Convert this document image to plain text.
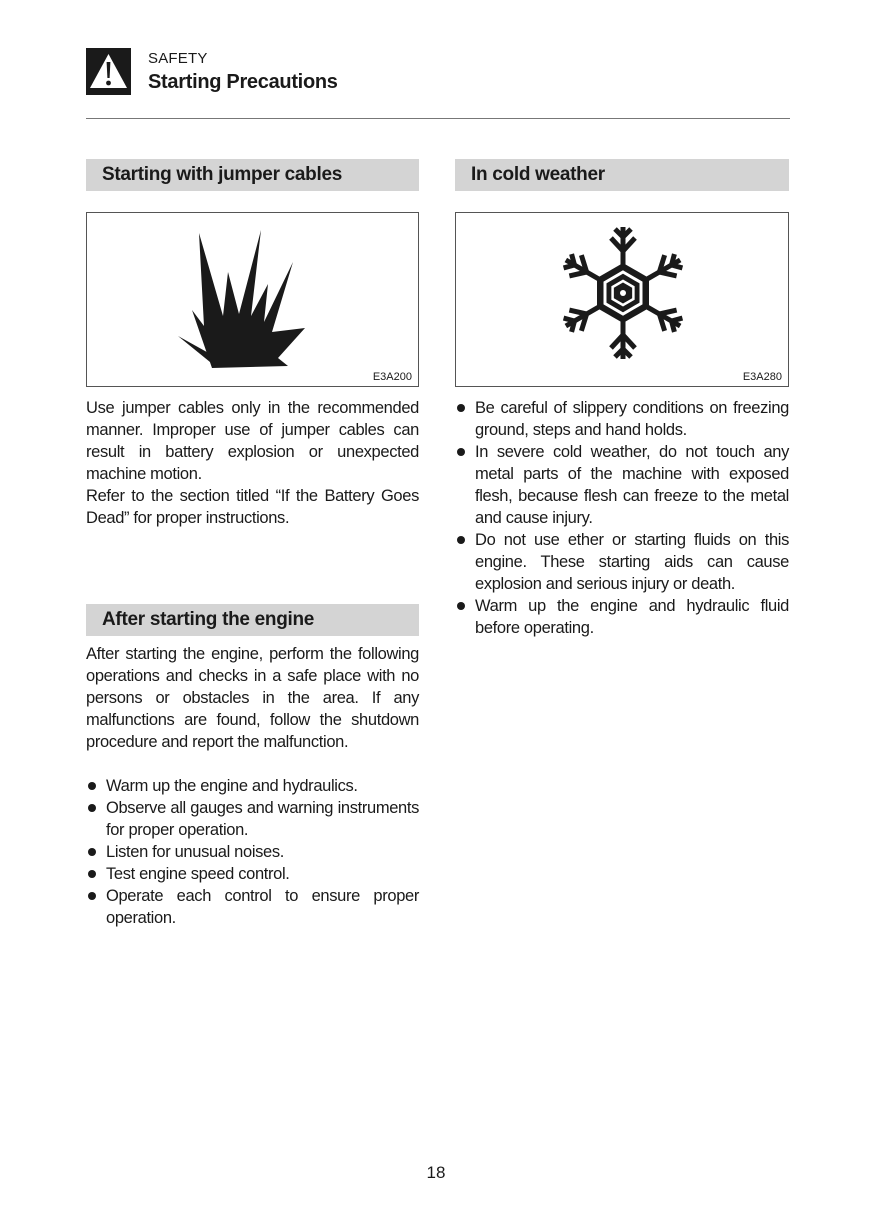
SAFETY
Starting Precautions
Starting with jumper cables
E3A200

Use jumper cables only in the recommended manner. Improper use of jumper cables can result in battery explosion or unexpected machine motion.

Refer to the section titled “If the Battery Goes Dead” for proper instructions.

After starting the engine

After starting the engine, perform the following operations and checks in a safe place with no persons or obstacles in the area. If any malfunctions are found, follow the shutdown procedure and report the malfunction.

Warm up the engine and hydraulics.
Observe all gauges and warning instruments for proper operation.
Listen for unusual noises.
Test engine speed control.
Operate each control to ensure proper operation.
In cold weather
E3A280
Be careful of slippery conditions on freezing ground, steps and hand holds.
In severe cold weather, do not touch any metal parts of the machine with exposed flesh, because flesh can freeze to the metal and cause injury.
Do not use ether or starting fluids on this engine. These starting aids can cause explosion and serious injury or death.
Warm up the engine and hydraulic fluid before operating.
18
